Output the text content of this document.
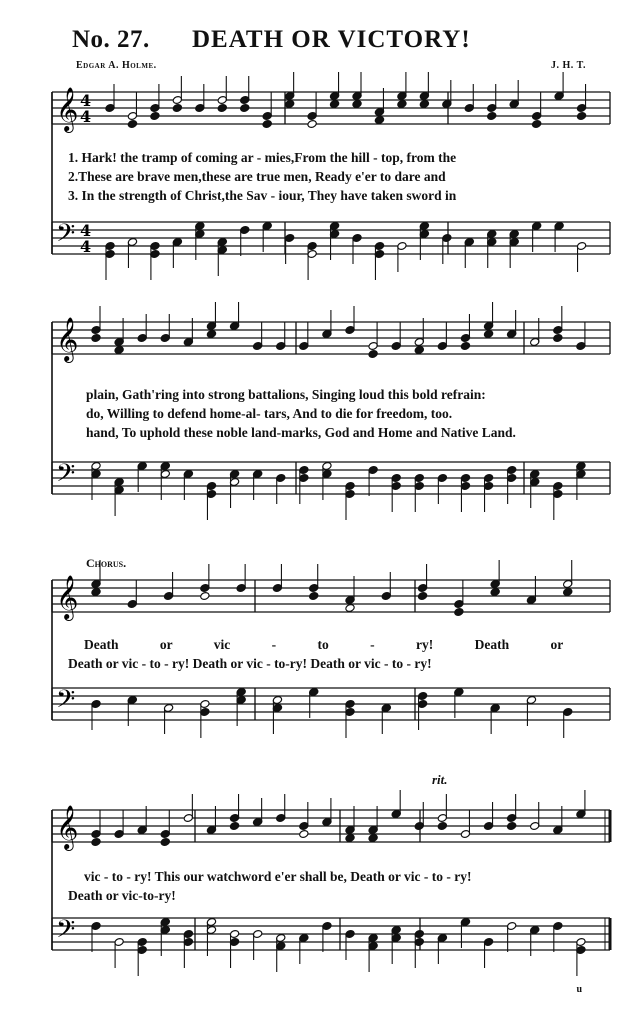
No. 27. DEATH OR VICTORY!
Edgar A. Holme.	J. H. T.
𝄞
𝄢
4
4
4
4
𝄞
𝄢
𝄞
𝄢
𝄞
𝄢
1. Hark! the tramp of coming ar - mies,From the hill - top, from the
2.These are brave men,these are true men, Ready e'er to dare and
3. In the strength of Christ,the Sav - iour, They have taken sword in
plain, Gath'ring into strong battalions, Singing loud this bold refrain:
do, Willing to defend home-al- tars, And to die for freedom, too.
hand, To uphold these noble land-marks, God and Home and Native Land.
Chorus.
Death or vic - to - ry! Death or
Death or vic - to - ry! Death or vic - to-ry! Death or vic - to - ry!
rit.
vic - to - ry! This our watchword e'er shall be, Death or vic - to - ry!
Death or vic-to-ry!
u
